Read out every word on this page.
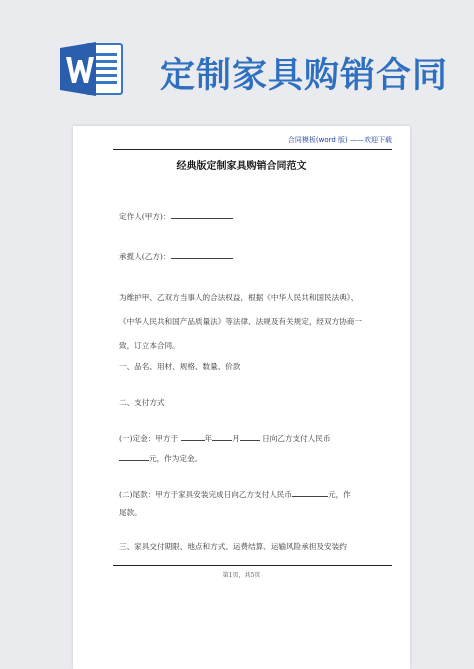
定制家具购销合同
合同模板(word 版) ——欢迎下载
经典版定制家具购销合同范文
定作人(甲方)：
承揽人(乙方)：
为维护甲、乙双方当事人的合法权益，根据《中华人民共和国民法典》、
《中华人民共和国产品质量法》等法律、法规及有关规定，经双方协商一
致，订立本合同。
一、品名、用材、规格、数量、价款
二、支付方式
(一)定金：甲方于	年	月	日向乙方支付人民币
元，作为定金。
(二)尾款：甲方于家具安装完成日向乙方支付人民币	元，作
尾款。
三、家具交付期限、地点和方式、运费结算、运输风险承担及安装约
第1页，共5页
